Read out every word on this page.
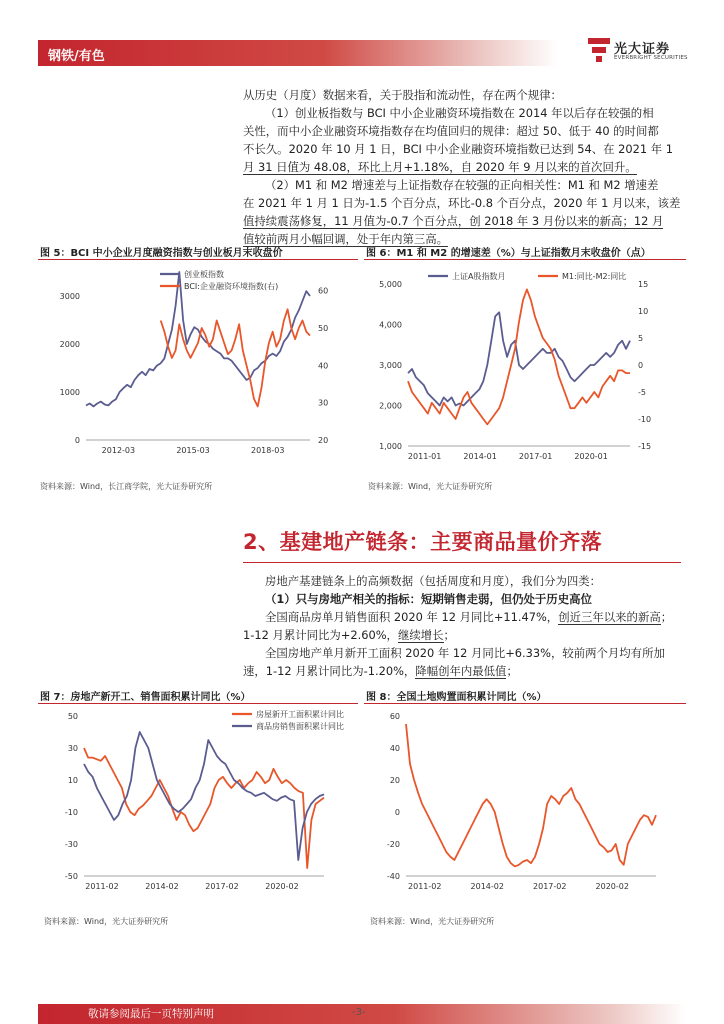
钢铁/有色	光大证券
EVERBRIGHT SECURITIES
从历史（月度）数据来看，关于股指和流动性，存在两个规律：
（1）创业板指数与 BCI 中小企业融资环境指数在 2014 年以后存在较强的相
关性，而中小企业融资环境指数存在均值回归的规律：超过 50、低于 40 的时间都
不长久。2020 年 10 月 1 日，BCI 中小企业融资环境指数已达到 54、在 2021 年 1
月 31 日值为 48.08，环比上月+1.18%，自 2020 年 9 月以来的首次回升。
（2）M1 和 M2 增速差与上证指数存在较强的正向相关性：M1 和 M2 增速差
在 2021 年 1 月 1 日为-1.5 个百分点，环比-0.8 个百分点，2020 年 1 月以来，该差
值持续震荡修复，11 月值为-0.7 个百分点，创 2018 年 3 月份以来的新高；12 月
值较前两月小幅回调，处于年内第三高。
图 5：BCI 中小企业月度融资指数与创业板月末收盘价
0
1000
2000
3000
20
30
40
50
60
2012-03	2015-03	2018-03
创业板指数
BCI:企业融资环境指数(右)
资料来源：Wind，长江商学院，光大证券研究所
图 6：M1 和 M2 的增速差（%）与上证指数月末收盘价（点）
1,000
2,000
3,000
4,000
5,000
-15
-10
-5
0
5
10
15
2011-01	2014-01	2017-01	2020-01
上证A股指数月	M1:同比-M2:同比
资料来源：Wind，光大证券研究所
2、基建地产链条：主要商品量价齐落
房地产基建链条上的高频数据（包括周度和月度），我们分为四类：
（1）只与房地产相关的指标：短期销售走弱，但仍处于历史高位
全国商品房单月销售面积 2020 年 12 月同比+11.47%，创近三年以来的新高；
1-12 月累计同比为+2.60%，继续增长；
全国房地产单月新开工面积 2020 年 12 月同比+6.33%，较前两个月均有所加
速，1-12 月累计同比为-1.20%，降幅创年内最低值；
图 7：房地产新开工、销售面积累计同比（%）
-50
-30
-10
10
30
50
2011-02	2014-02	2017-02	2020-02
房屋新开工面积累计同比
商品房销售面积累计同比
资料来源：Wind，光大证券研究所
图 8：全国土地购置面积累计同比（%）
-40
-20
0
20
40
60
2011-02	2014-02	2017-02	2020-02
资料来源：Wind，光大证券研究所
敬请参阅最后一页特别声明	-3-
